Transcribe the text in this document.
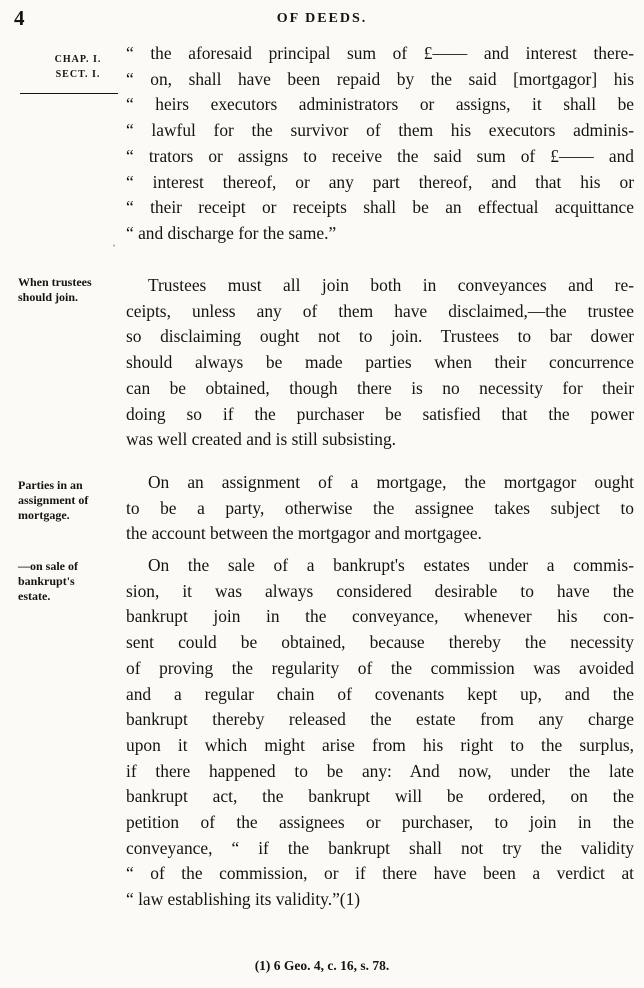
4	OF DEEDS.
CHAP. I.
SECT. I.
When trustees
should join.
Parties in an
assignment of
mortgage.
—on sale of
bankrupt's
estate.
ˈ
“ the aforesaid principal sum of £—— and interest there-
“ on, shall have been repaid by the said [mortgagor] his
“ heirs executors administrators or assigns, it shall be
“ lawful for the survivor of them his executors adminis-
“ trators or assigns to receive the said sum of £—— and
“ interest thereof, or any part thereof, and that his or
“ their receipt or receipts shall be an effectual acquittance
“ and discharge for the same.”
Trustees must all join both in conveyances and re-
ceipts, unless any of them have disclaimed,—the trustee
so disclaiming ought not to join. Trustees to bar dower
should always be made parties when their concurrence
can be obtained, though there is no necessity for their
doing so if the purchaser be satisfied that the power
was well created and is still subsisting.
On an assignment of a mortgage, the mortgagor ought
to be a party, otherwise the assignee takes subject to
the account between the mortgagor and mortgagee.
On the sale of a bankrupt's estates under a commis-
sion, it was always considered desirable to have the
bankrupt join in the conveyance, whenever his con-
sent could be obtained, because thereby the necessity
of proving the regularity of the commission was avoided
and a regular chain of covenants kept up, and the
bankrupt thereby released the estate from any charge
upon it which might arise from his right to the surplus,
if there happened to be any: And now, under the late
bankrupt act, the bankrupt will be ordered, on the
petition of the assignees or purchaser, to join in the
conveyance, “ if the bankrupt shall not try the validity
“ of the commission, or if there have been a verdict at
“ law establishing its validity.”(1)
(1) 6 Geo. 4, c. 16, s. 78.
